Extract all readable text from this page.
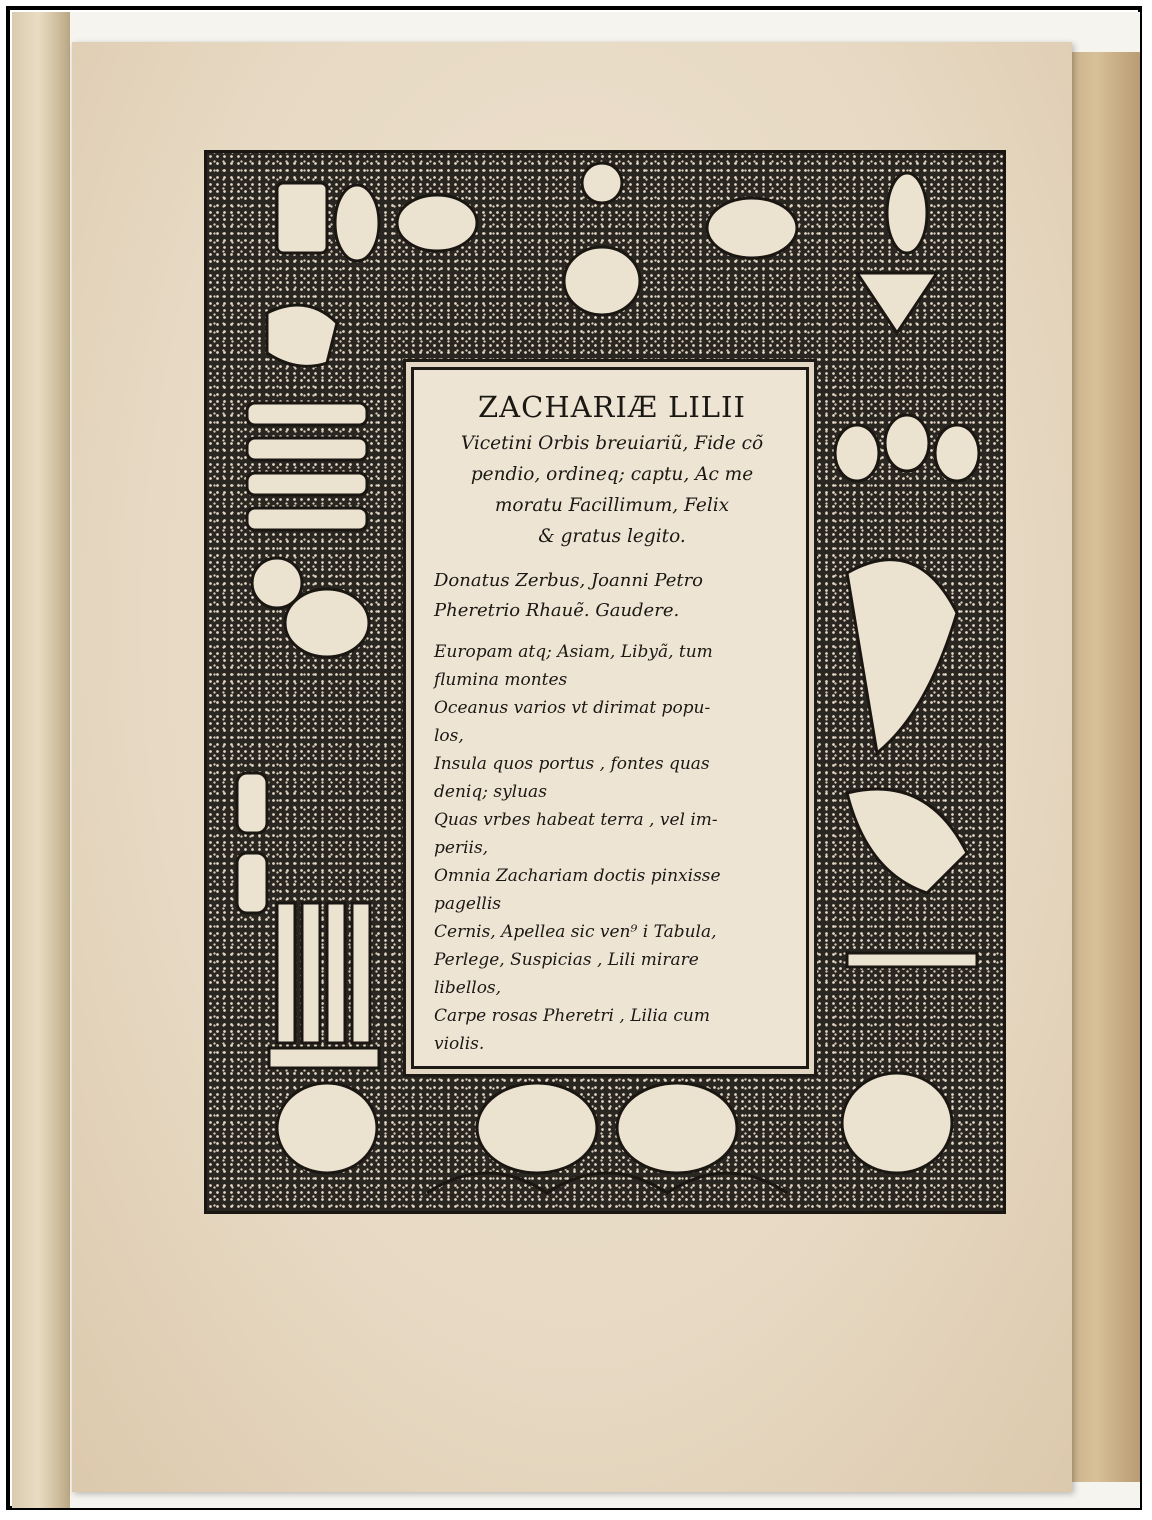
ZACHARIÆ LILII

Vicetini Orbis breuiariũ, Fide cõ

pendio, ordineq; captu, Ac me

moratu Facillimum, Felix

& gratus legito.

Donatus Zerbus, Joanni Petro
Pheretrio Rhauẽ. Gaudere.
Europam atq; Asiam, Libyã, tum
flumina montes
Oceanus varios vt dirimat popu-
los,
Insula quos portus , fontes quas
deniq; syluas
Quas vrbes habeat terra , vel im-
periis,
Omnia Zachariam doctis pinxisse
pagellis
Cernis, Apellea sic ven⁹ i Tabula,
Perlege, Suspicias , Lili mirare
libellos,
Carpe rosas Pheretri , Lilia cum
violis.
